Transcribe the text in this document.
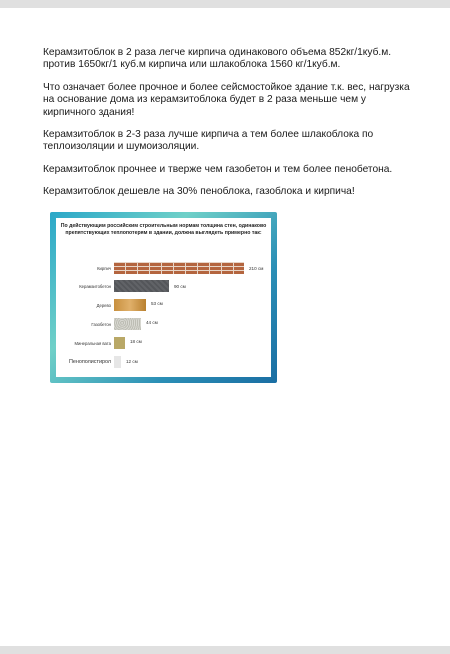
Керамзитоблок в 2 раза легче кирпича одинакового объема 852кг/1куб.м. против 1650кг/1 куб.м кирпича или шлакоблока 1560 кг/1куб.м.

Что означает более прочное и более сейсмостойкое здание т.к. вес, нагрузка на основание дома из керамзитоблока будет в 2 раза меньше чем у кирпичного здания!

Керамзитоблок в 2-3 раза лучше кирпича а тем более шлакоблока по теплоизоляции и шумоизоляции.

Керамзитоблок прочнее и тверже чем газобетон и тем более пенобетона.

Керамзитоблок дешевле на 30% пеноблока, газоблока и кирпича!

По действующим российским строительным нормам толщина стен, одинаково препятствующих теплопотерям в здании, должна выглядеть примерно так:
Кирпич	210 см
Керамзитобетон	90 см
Дерево	53 см
Газобетон	44 см
Минеральная вата	18 см
Пенополистирол	12 см
